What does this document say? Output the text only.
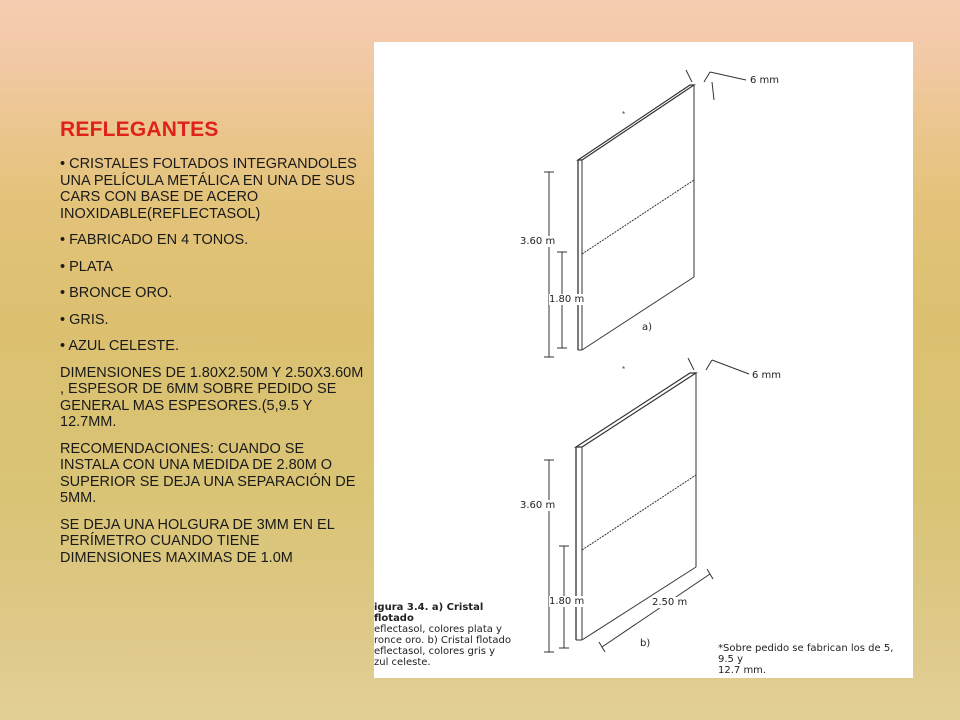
REFLEGANTES

• CRISTALES FOLTADOS INTEGRANDOLES UNA PELÍCULA METÁLICA EN UNA DE SUS CARS CON BASE DE ACERO INOXIDABLE(REFLECTASOL)

• FABRICADO EN 4 TONOS.

• PLATA

• BRONCE ORO.

• GRIS.

• AZUL CELESTE.

DIMENSIONES DE 1.80X2.50M Y 2.50X3.60M , ESPESOR DE 6MM SOBRE PEDIDO SE GENERAL MAS ESPESORES.(5,9.5 Y 12.7MM.

RECOMENDACIONES: CUANDO SE INSTALA CON UNA MEDIDA DE 2.80M O SUPERIOR SE DEJA UNA SEPARACIÓN DE 5MM.

SE DEJA UNA HOLGURA DE 3MM EN EL PERÍMETRO CUANDO TIENE DIMENSIONES MAXIMAS DE 1.0M

*
*
6 mm
3.60 m
1.80 m
a)
6 mm
3.60 m
1.80 m	2.50 m
b)
igura 3.4. a) Cristal flotado
eflectasol, colores plata y
ronce oro. b) Cristal flotado
eflectasol, colores gris y
zul celeste.
*Sobre pedido se fabrican los de 5, 9.5 y
12.7 mm.
